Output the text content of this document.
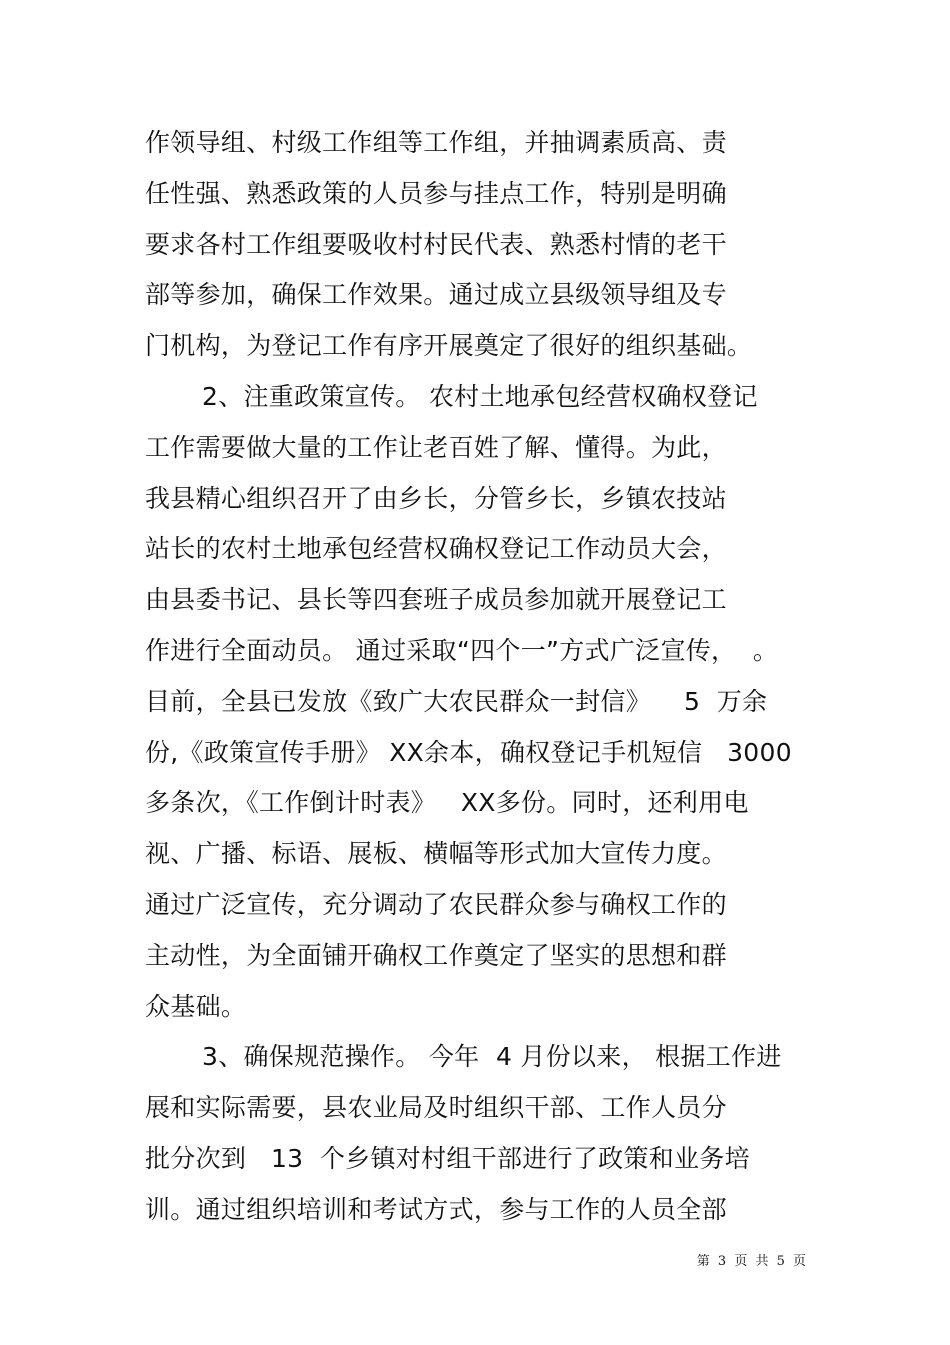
作领导组、村级工作组等工作组，并抽调素质高、责
任性强、熟悉政策的人员参与挂点工作，特别是明确
要求各村工作组要吸收村村民代表、熟悉村情的老干
部等参加，确保工作效果。通过成立县级领导组及专
门机构，为登记工作有序开展奠定了很好的组织基础。
2、注重政策宣传。 农村土地承包经营权确权登记
工作需要做大量的工作让老百姓了解、懂得。为此，
我县精心组织召开了由乡长，分管乡长，乡镇农技站
站长的农村土地承包经营权确权登记工作动员大会，
由县委书记、县长等四套班子成员参加就开展登记工
作进行全面动员。 通过采取“四个一”方式广泛宣传，  。
目前，全县已发放《致广大农民群众一封信》    5  万余
份,《政策宣传手册》 XX余本，确权登记手机短信   3000
多条次，《工作倒计时表》   XX多份。同时，还利用电
视、广播、标语、展板、横幅等形式加大宣传力度。
通过广泛宣传，充分调动了农民群众参与确权工作的
主动性，为全面铺开确权工作奠定了坚实的思想和群
众基础。
3、确保规范操作。 今年  4 月份以来， 根据工作进
展和实际需要，县农业局及时组织干部、工作人员分
批分次到   13  个乡镇对村组干部进行了政策和业务培
训。通过组织培训和考试方式，参与工作的人员全部
第 3 页 共 5 页
